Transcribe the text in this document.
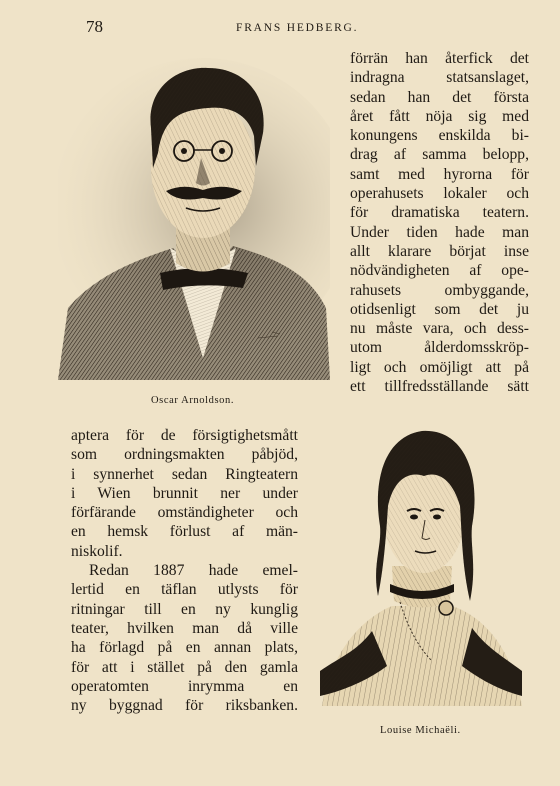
78	FRANS HEDBERG.
Oscar Arnoldson.
förrän han återfick det
indragna statsanslaget,
sedan han det första
året fått nöja sig med
konungens enskilda bi-
drag af samma belopp,
samt med hyrorna för
operahusets lokaler och
för dramatiska teatern.
Under tiden hade man
allt klarare börjat inse
nödvändigheten af ope-
rahusets ombyggande,
otidsenligt som det ju
nu måste vara, och dess-
utom ålderdomsskröp-
ligt och omöjligt att på
ett tillfredsställande sätt
aptera för de försigtighetsmått
som ordningsmakten påbjöd,
i synnerhet sedan Ringteatern
i Wien brunnit ner under
förfärande omständigheter och
en hemsk förlust af män-
niskolif.
Redan 1887 hade emel-
lertid en täflan utlysts för
ritningar till en ny kunglig
teater, hvilken man då ville
ha förlagd på en annan plats,
för att i stället på den gamla
operatomten inrymma en
ny byggnad för riksbanken.
Louise Michaëli.
